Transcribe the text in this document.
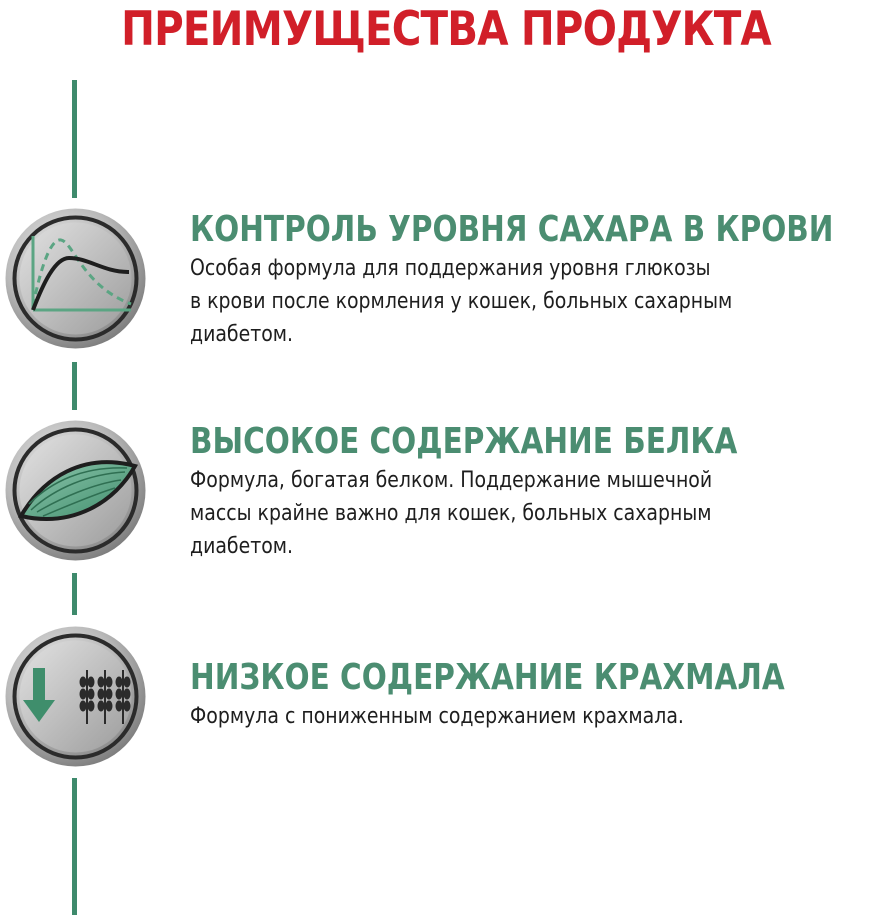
ПРЕИМУЩЕСТВА ПРОДУКТА
КОНТРОЛЬ УРОВНЯ САХАРА В КРОВИ

Особая формула для поддержания уровня глюкозы
в крови после кормления у кошек, больных сахарным
диабетом.

ВЫСОКОЕ СОДЕРЖАНИЕ БЕЛКА

Формула, богатая белком. Поддержание мышечной
массы крайне важно для кошек, больных сахарным
диабетом.

НИЗКОЕ СОДЕРЖАНИЕ КРАХМАЛА

Формула с пониженным содержанием крахмала.
